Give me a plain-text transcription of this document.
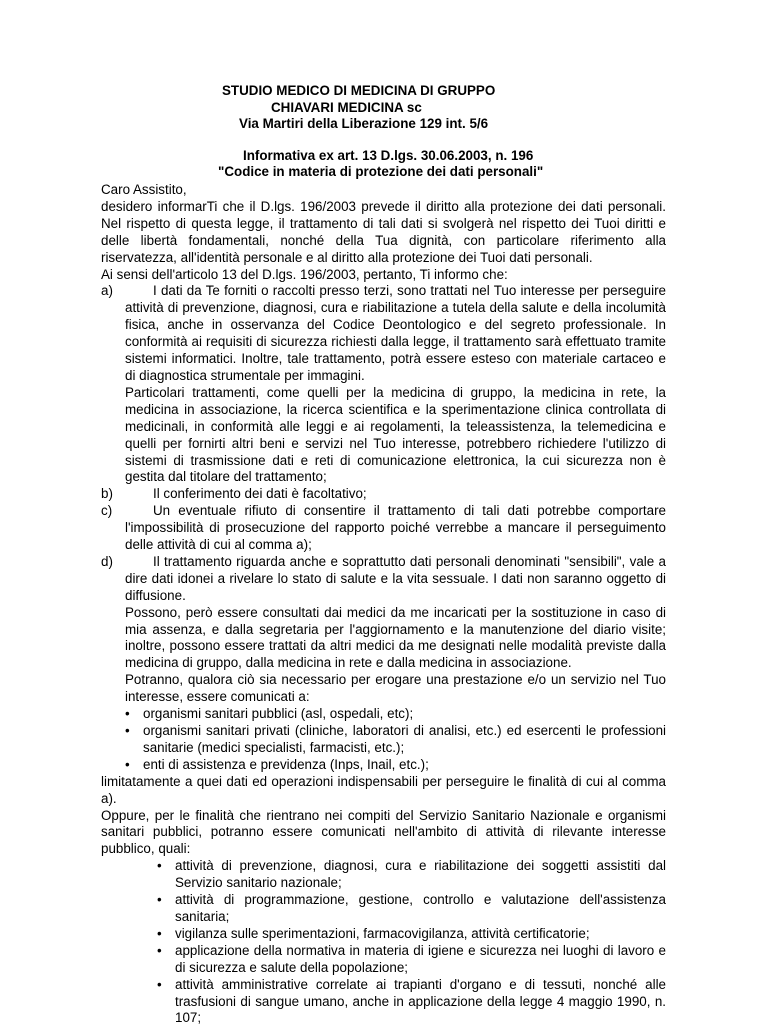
STUDIO MEDICO DI MEDICINA DI GRUPPO
CHIAVARI MEDICINA sc
Via Martiri della Liberazione 129 int. 5/6
Informativa ex art. 13 D.lgs. 30.06.2003, n. 196
"Codice in materia di protezione dei dati personali"

Caro Assistito,

desidero informarTi che il D.lgs. 196/2003 prevede il diritto alla protezione dei dati personali. Nel rispetto di questa legge, il trattamento di tali dati si svolgerà nel rispetto dei Tuoi diritti e delle libertà fondamentali, nonché della Tua dignità, con particolare riferimento alla riservatezza, all'identità personale e al diritto alla protezione dei Tuoi dati personali.

Ai sensi dell'articolo 13 del D.lgs. 196/2003, pertanto, Ti informo che:

a)	I dati da Te forniti o raccolti presso terzi, sono trattati nel Tuo interesse per perseguire attività di prevenzione, diagnosi, cura e riabilitazione a tutela della salute e della incolumità fisica, anche in osservanza del Codice Deontologico e del segreto professionale. In conformità ai requisiti di sicurezza richiesti dalla legge, il trattamento sarà effettuato tramite sistemi informatici. Inoltre, tale trattamento, potrà essere esteso con materiale cartaceo e di diagnostica strumentale per immagini.
Particolari trattamenti, come quelli per la medicina di gruppo, la medicina in rete, la medicina in associazione, la ricerca scientifica e la sperimentazione clinica controllata di medicinali, in conformità alle leggi e ai regolamenti, la teleassistenza, la telemedicina e quelli per fornirti altri beni e servizi nel Tuo interesse, potrebbero richiedere l'utilizzo di sistemi di trasmissione dati e reti di comunicazione elettronica, la cui sicurezza non è gestita dal titolare del trattamento;
b)	Il conferimento dei dati è facoltativo;
c)	Un eventuale rifiuto di consentire il trattamento di tali dati potrebbe comportare l'impossibilità di prosecuzione del rapporto poiché verrebbe a mancare il perseguimento delle attività di cui al comma a);
d)	Il trattamento riguarda anche e soprattutto dati personali denominati "sensibili", vale a dire dati idonei a rivelare lo stato di salute e la vita sessuale. I dati non saranno oggetto di diffusione.
Possono, però essere consultati dai medici da me incaricati per la sostituzione in caso di mia assenza, e dalla segretaria per l'aggiornamento e la manutenzione del diario visite; inoltre, possono essere trattati da altri medici da me designati nelle modalità previste dalla medicina di gruppo, dalla medicina in rete e dalla medicina in associazione.
Potranno, qualora ciò sia necessario per erogare una prestazione e/o un servizio nel Tuo interesse, essere comunicati a:
• organismi sanitari pubblici (asl, ospedali, etc);
• organismi sanitari privati (cliniche, laboratori di analisi, etc.) ed esercenti le professioni sanitarie (medici specialisti, farmacisti, etc.);
• enti di assistenza e previdenza (Inps, Inail, etc.);

limitatamente a quei dati ed operazioni indispensabili per perseguire le finalità di cui al comma a).

Oppure, per le finalità che rientrano nei compiti del Servizio Sanitario Nazionale e organismi sanitari pubblici, potranno essere comunicati nell'ambito di attività di rilevante interesse pubblico, quali:

• attività di prevenzione, diagnosi, cura e riabilitazione dei soggetti assistiti dal Servizio sanitario nazionale;
• attività di programmazione, gestione, controllo e valutazione dell'assistenza sanitaria;
• vigilanza sulle sperimentazioni, farmacovigilanza, attività certificatorie;
• applicazione della normativa in materia di igiene e sicurezza nei luoghi di lavoro e di sicurezza e salute della popolazione;
• attività amministrative correlate ai trapianti d'organo e di tessuti, nonché alle trasfusioni di sangue umano, anche in applicazione della legge 4 maggio 1990, n. 107;
